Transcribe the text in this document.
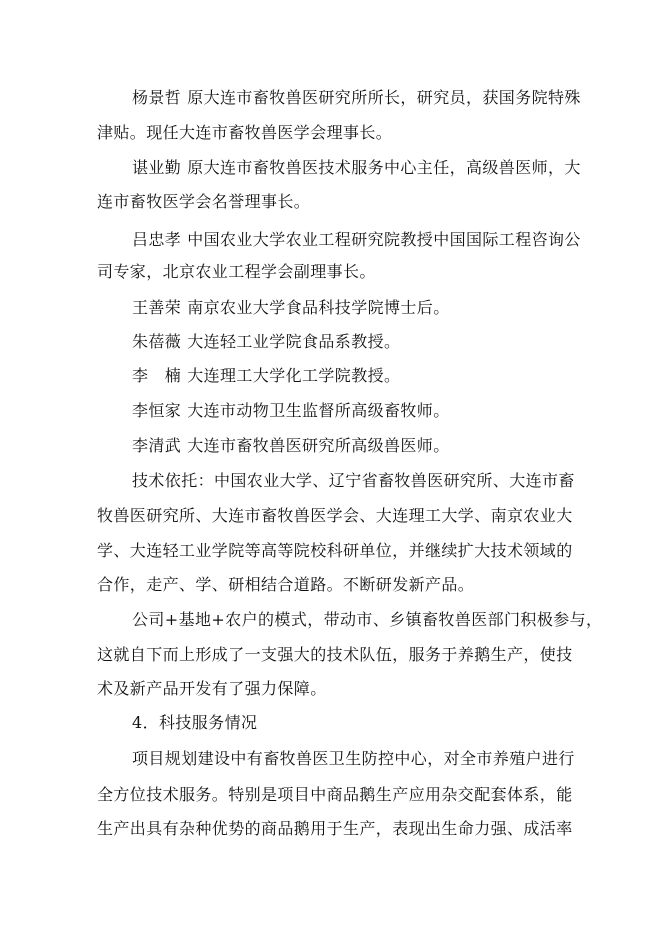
杨景哲 原大连市畜牧兽医研究所所长，研究员，获国务院特殊
津贴。现任大连市畜牧兽医学会理事长。
谌业勤 原大连市畜牧兽医技术服务中心主任，高级兽医师，大
连市畜牧医学会名誉理事长。
吕忠孝 中国农业大学农业工程研究院教授中国国际工程咨询公
司专家，北京农业工程学会副理事长。
王善荣 南京农业大学食品科技学院博士后。
朱蓓薇 大连轻工业学院食品系教授。
李　楠 大连理工大学化工学院教授。
李恒家 大连市动物卫生监督所高级畜牧师。
李清武 大连市畜牧兽医研究所高级兽医师。
技术依托：中国农业大学、辽宁省畜牧兽医研究所、大连市畜
牧兽医研究所、大连市畜牧兽医学会、大连理工大学、南京农业大
学、大连轻工业学院等高等院校科研单位，并继续扩大技术领域的
合作，走产、学、研相结合道路。不断研发新产品。
公司+基地+农户的模式，带动市、乡镇畜牧兽医部门积极参与，
这就自下而上形成了一支强大的技术队伍，服务于养鹅生产，使技
术及新产品开发有了强力保障。
4．科技服务情况
项目规划建设中有畜牧兽医卫生防控中心，对全市养殖户进行
全方位技术服务。特别是项目中商品鹅生产应用杂交配套体系，能
生产出具有杂种优势的商品鹅用于生产，表现出生命力强、成活率
